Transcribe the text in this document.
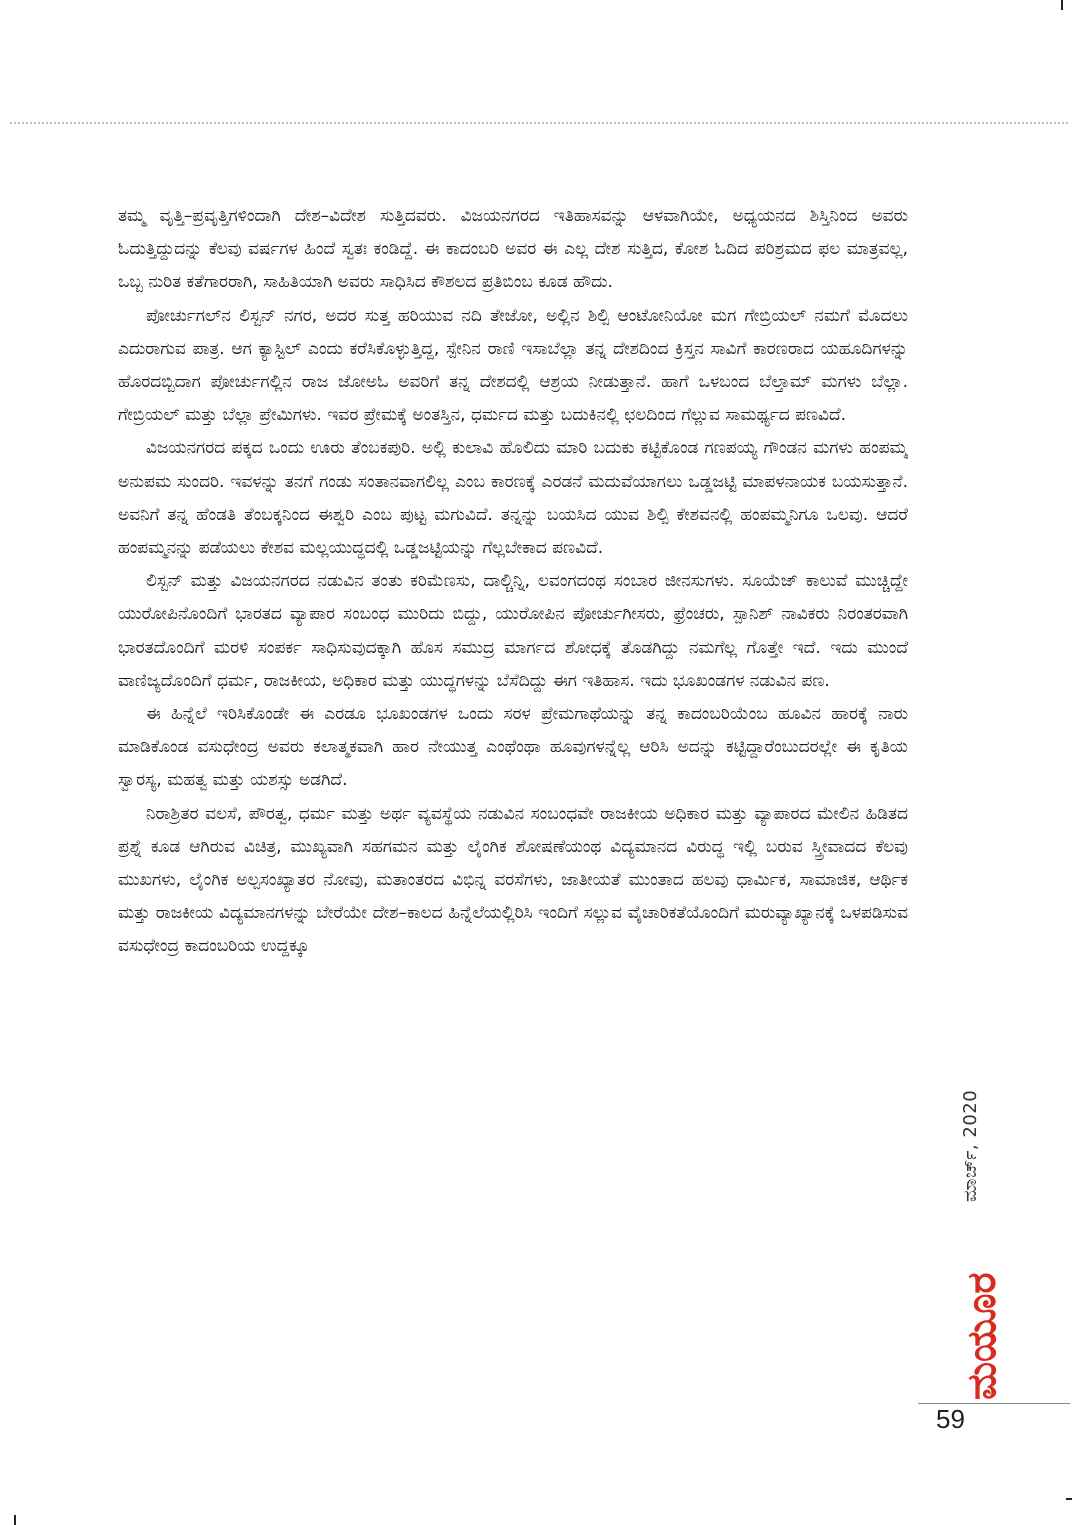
ತಮ್ಮ ವೃತ್ತಿ–ಪ್ರವೃತ್ತಿಗಳಿಂದಾಗಿ ದೇಶ–ವಿದೇಶ ಸುತ್ತಿದವರು. ವಿಜಯನಗರದ ಇತಿಹಾಸವನ್ನು ಆಳವಾಗಿಯೇ, ಅಧ್ಯಯನದ ಶಿಸ್ತಿನಿಂದ ಅವರು ಓದುತ್ತಿದ್ದುದನ್ನು ಕೆಲವು ವರ್ಷಗಳ ಹಿಂದೆ ಸ್ವತಃ ಕಂಡಿದ್ದೆ. ಈ ಕಾದಂಬರಿ ಅವರ ಈ ಎಲ್ಲ ದೇಶ ಸುತ್ತಿದ, ಕೋಶ ಓದಿದ ಪರಿಶ್ರಮದ ಫಲ ಮಾತ್ರವಲ್ಲ, ಒಬ್ಬ ನುರಿತ ಕತೆಗಾರರಾಗಿ, ಸಾಹಿತಿಯಾಗಿ ಅವರು ಸಾಧಿಸಿದ ಕೌಶಲದ ಪ್ರತಿಬಿಂಬ ಕೂಡ ಹೌದು.

ಪೋರ್ಚುಗಲ್‌ನ ಲಿಸ್ಬನ್ ನಗರ, ಅದರ ಸುತ್ತ ಹರಿಯುವ ನದಿ ತೇಜೋ, ಅಲ್ಲಿನ ಶಿಲ್ಪಿ ಆಂಟೋನಿಯೋ ಮಗ ಗೇಬ್ರಿಯಲ್ ನಮಗೆ ಮೊದಲು ಎದುರಾಗುವ ಪಾತ್ರ. ಆಗ ಕ್ಯಾಸ್ಟಿಲ್ ಎಂದು ಕರೆಸಿಕೊಳ್ಳುತ್ತಿದ್ದ, ಸ್ಪೇನಿನ ರಾಣಿ ಇಸಾಬೆಲ್ಲಾ ತನ್ನ ದೇಶದಿಂದ ಕ್ರಿಸ್ತನ ಸಾವಿಗೆ ಕಾರಣರಾದ ಯಹೂದಿಗಳನ್ನು ಹೊರದಬ್ಬಿದಾಗ ಪೋರ್ಚುಗಲ್ಲಿನ ರಾಜ ಜೋಅಓ ಅವರಿಗೆ ತನ್ನ ದೇಶದಲ್ಲಿ ಆಶ್ರಯ ನೀಡುತ್ತಾನೆ. ಹಾಗೆ ಒಳಬಂದ ಬೆಲ್ತಾಮ್ ಮಗಳು ಬೆಲ್ಲಾ. ಗೇಬ್ರಿಯಲ್ ಮತ್ತು ಬೆಲ್ಲಾ ಪ್ರೇಮಿಗಳು. ಇವರ ಪ್ರೇಮಕ್ಕೆ ಅಂತಸ್ತಿನ, ಧರ್ಮದ ಮತ್ತು ಬದುಕಿನಲ್ಲಿ ಛಲದಿಂದ ಗೆಲ್ಲುವ ಸಾಮರ್ಥ್ಯದ ಪಣವಿದೆ.

ವಿಜಯನಗರದ ಪಕ್ಕದ ಒಂದು ಊರು ತೆಂಬಕಪುರಿ. ಅಲ್ಲಿ ಕುಲಾವಿ ಹೊಲಿದು ಮಾರಿ ಬದುಕು ಕಟ್ಟಿಕೊಂಡ ಗಣಪಯ್ಯ ಗೌಂಡನ ಮಗಳು ಹಂಪಮ್ಮ ಅನುಪಮ ಸುಂದರಿ. ಇವಳನ್ನು ತನಗೆ ಗಂಡು ಸಂತಾನವಾಗಲಿಲ್ಲ ಎಂಬ ಕಾರಣಕ್ಕೆ ಎರಡನೆ ಮದುವೆಯಾಗಲು ಒಡ್ಡಜಟ್ಟಿ ಮಾಪಳನಾಯಕ ಬಯಸುತ್ತಾನೆ. ಅವನಿಗೆ ತನ್ನ ಹೆಂಡತಿ ತೆಂಬಕ್ಕನಿಂದ ಈಶ್ವರಿ ಎಂಬ ಪುಟ್ಟ ಮಗುವಿದೆ. ತನ್ನನ್ನು ಬಯಸಿದ ಯುವ ಶಿಲ್ಪಿ ಕೇಶವನಲ್ಲಿ ಹಂಪಮ್ಮನಿಗೂ ಒಲವು. ಆದರೆ ಹಂಪಮ್ಮನನ್ನು ಪಡೆಯಲು ಕೇಶವ ಮಲ್ಲಯುದ್ಧದಲ್ಲಿ ಒಡ್ಡಜಟ್ಟಿಯನ್ನು ಗೆಲ್ಲಬೇಕಾದ ಪಣವಿದೆ.

ಲಿಸ್ಬನ್ ಮತ್ತು ವಿಜಯನಗರದ ನಡುವಿನ ತಂತು ಕರಿಮೆಣಸು, ದಾಲ್ಚಿನ್ನಿ, ಲವಂಗದಂಥ ಸಂಬಾರ ಜೀನಸುಗಳು. ಸೂಯೆಜ್ ಕಾಲುವೆ ಮುಚ್ಚಿದ್ದೇ ಯುರೋಪಿನೊಂದಿಗೆ ಭಾರತದ ವ್ಯಾಪಾರ ಸಂಬಂಧ ಮುರಿದು ಬಿದ್ದು, ಯುರೋಪಿನ ಪೋರ್ಚುಗೀಸರು, ಫ್ರೆಂಚರು, ಸ್ಪಾನಿಶ್ ನಾವಿಕರು ನಿರಂತರವಾಗಿ ಭಾರತದೊಂದಿಗೆ ಮರಳಿ ಸಂಪರ್ಕ ಸಾಧಿಸುವುದಕ್ಕಾಗಿ ಹೊಸ ಸಮುದ್ರ ಮಾರ್ಗದ ಶೋಧಕ್ಕೆ ತೊಡಗಿದ್ದು ನಮಗೆಲ್ಲ ಗೊತ್ತೇ ಇದೆ. ಇದು ಮುಂದೆ ವಾಣಿಜ್ಯದೊಂದಿಗೆ ಧರ್ಮ, ರಾಜಕೀಯ, ಅಧಿಕಾರ ಮತ್ತು ಯುದ್ಧಗಳನ್ನು ಬೆಸೆದಿದ್ದು ಈಗ ಇತಿಹಾಸ. ಇದು ಭೂಖಂಡಗಳ ನಡುವಿನ ಪಣ.

ಈ ಹಿನ್ನೆಲೆ ಇರಿಸಿಕೊಂಡೇ ಈ ಎರಡೂ ಭೂಖಂಡಗಳ ಒಂದು ಸರಳ ಪ್ರೇಮಗಾಥೆಯನ್ನು ತನ್ನ ಕಾದಂಬರಿಯೆಂಬ ಹೂವಿನ ಹಾರಕ್ಕೆ ನಾರು ಮಾಡಿಕೊಂಡ ವಸುಧೇಂದ್ರ ಅವರು ಕಲಾತ್ಮಕವಾಗಿ ಹಾರ ನೇಯುತ್ತ ಎಂಥೆಂಥಾ ಹೂವುಗಳನ್ನೆಲ್ಲ ಆರಿಸಿ ಅದನ್ನು ಕಟ್ಟಿದ್ದಾರೆಂಬುದರಲ್ಲೇ ಈ ಕೃತಿಯ ಸ್ವಾರಸ್ಯ, ಮಹತ್ವ ಮತ್ತು ಯಶಸ್ಸು ಅಡಗಿದೆ.

ನಿರಾಶ್ರಿತರ ವಲಸೆ, ಪೌರತ್ವ, ಧರ್ಮ ಮತ್ತು ಅರ್ಥ ವ್ಯವಸ್ಥೆಯ ನಡುವಿನ ಸಂಬಂಧವೇ ರಾಜಕೀಯ ಅಧಿಕಾರ ಮತ್ತು ವ್ಯಾಪಾರದ ಮೇಲಿನ ಹಿಡಿತದ ಪ್ರಶ್ನೆ ಕೂಡ ಆಗಿರುವ ವಿಚಿತ್ರ, ಮುಖ್ಯವಾಗಿ ಸಹಗಮನ ಮತ್ತು ಲೈಂಗಿಕ ಶೋಷಣೆಯಂಥ ವಿದ್ಯಮಾನದ ವಿರುದ್ಧ ಇಲ್ಲಿ ಬರುವ ಸ್ತ್ರೀವಾದದ ಕೆಲವು ಮುಖಗಳು, ಲೈಂಗಿಕ ಅಲ್ಪಸಂಖ್ಯಾತರ ನೋವು, ಮತಾಂತರದ ವಿಭಿನ್ನ ವರಸೆಗಳು, ಜಾತೀಯತೆ ಮುಂತಾದ ಹಲವು ಧಾರ್ಮಿಕ, ಸಾಮಾಜಿಕ, ಆರ್ಥಿಕ ಮತ್ತು ರಾಜಕೀಯ ವಿದ್ಯಮಾನಗಳನ್ನು ಬೇರೆಯೇ ದೇಶ–ಕಾಲದ ಹಿನ್ನೆಲೆಯಲ್ಲಿರಿಸಿ ಇಂದಿಗೆ ಸಲ್ಲುವ ವೈಚಾರಿಕತೆಯೊಂದಿಗೆ ಮರುವ್ಯಾಖ್ಯಾನಕ್ಕೆ ಒಳಪಡಿಸುವ ವಸುಧೇಂದ್ರ ಕಾದಂಬರಿಯ ಉದ್ದಕ್ಕೂ

ಮಾರ್ಚ್, 2020
ಮಯೂರ
59
